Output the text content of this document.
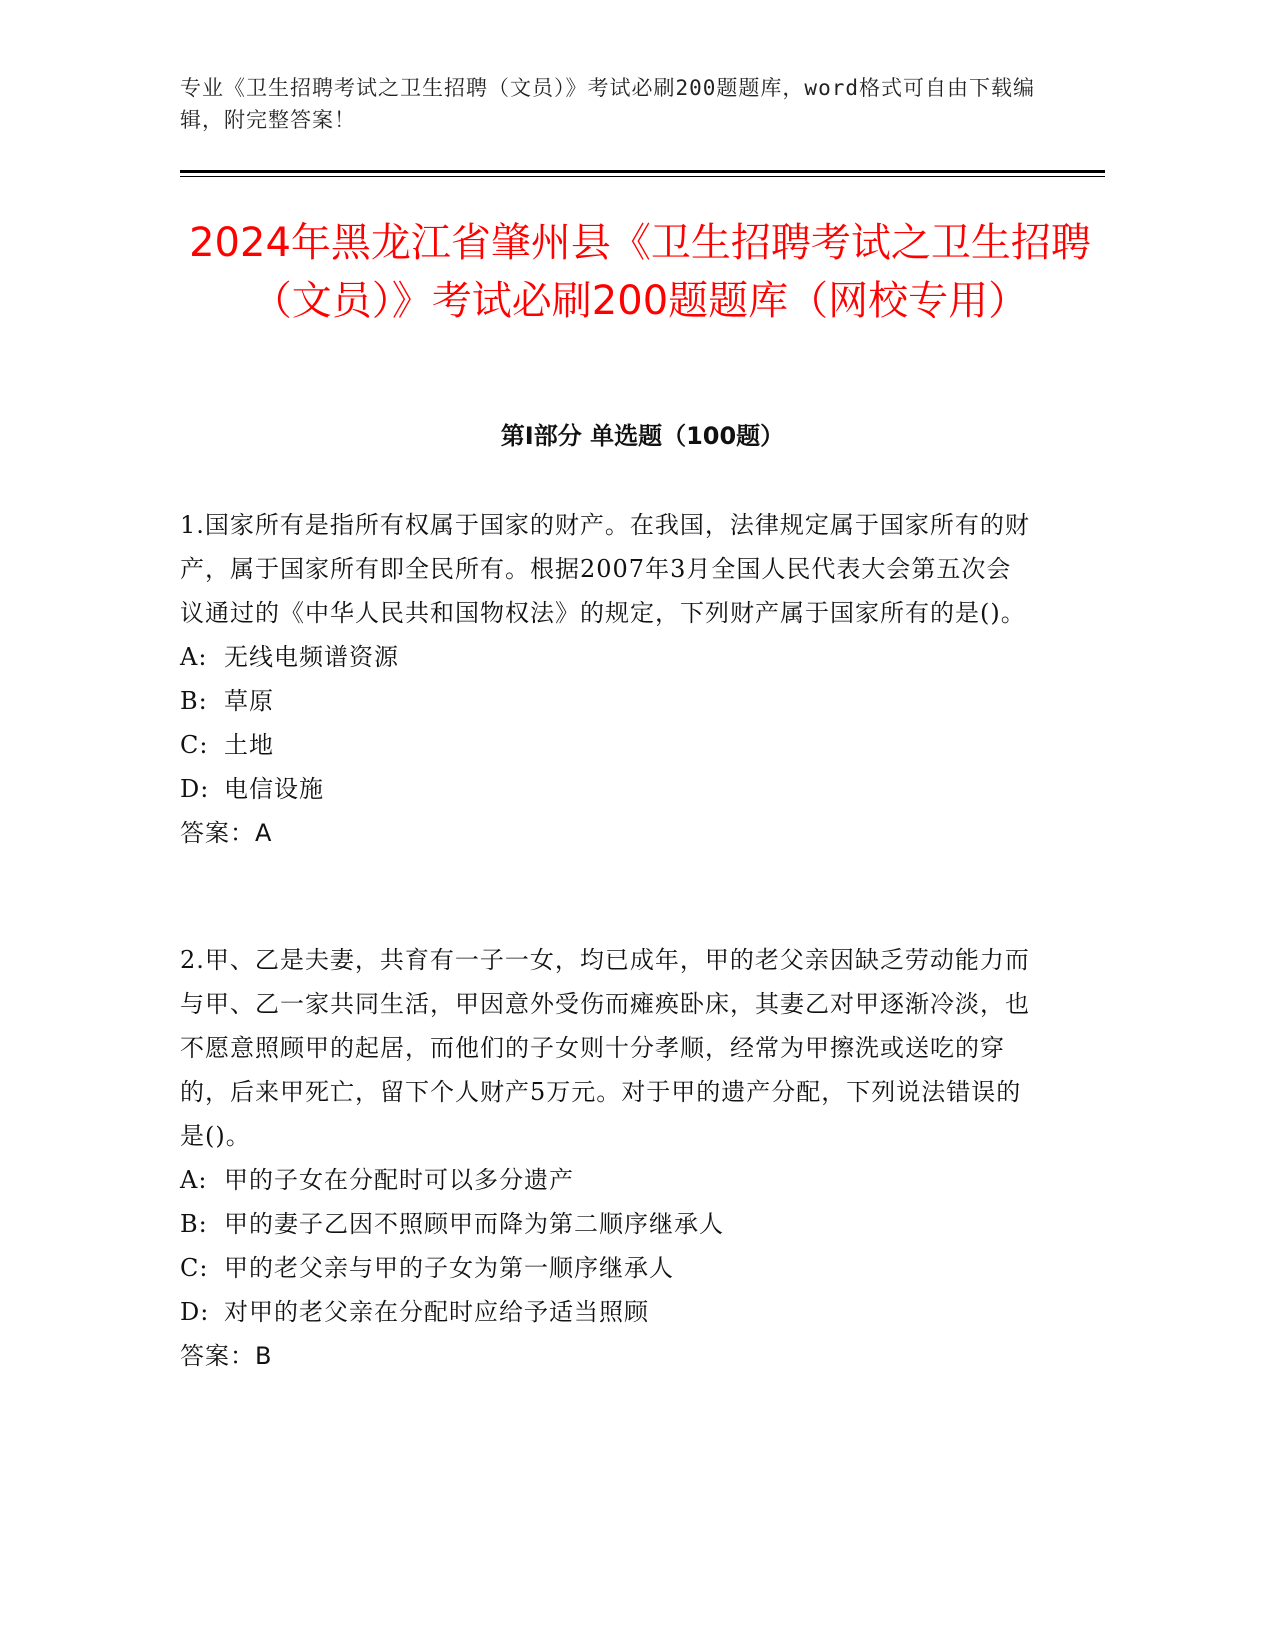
专业《卫生招聘考试之卫生招聘（文员）》考试必刷200题题库，word格式可自由下载编辑，附完整答案！
2024年黑龙江省肇州县《卫生招聘考试之卫生招聘（文员）》考试必刷200题题库（网校专用）
第I部分 单选题（100题）

1.国家所有是指所有权属于国家的财产。在我国，法律规定属于国家所有的财产，属于国家所有即全民所有。根据2007年3月全国人民代表大会第五次会议通过的《中华人民共和国物权法》的规定，下列财产属于国家所有的是()。

A: 无线电频谱资源

B: 草原

C: 土地

D: 电信设施

答案：A

2.甲、乙是夫妻，共育有一子一女，均已成年，甲的老父亲因缺乏劳动能力而与甲、乙一家共同生活，甲因意外受伤而瘫痪卧床，其妻乙对甲逐渐冷淡，也不愿意照顾甲的起居，而他们的子女则十分孝顺，经常为甲擦洗或送吃的穿的，后来甲死亡，留下个人财产5万元。对于甲的遗产分配，下列说法错误的是()。

A: 甲的子女在分配时可以多分遗产

B: 甲的妻子乙因不照顾甲而降为第二顺序继承人

C: 甲的老父亲与甲的子女为第一顺序继承人

D: 对甲的老父亲在分配时应给予适当照顾

答案：B
